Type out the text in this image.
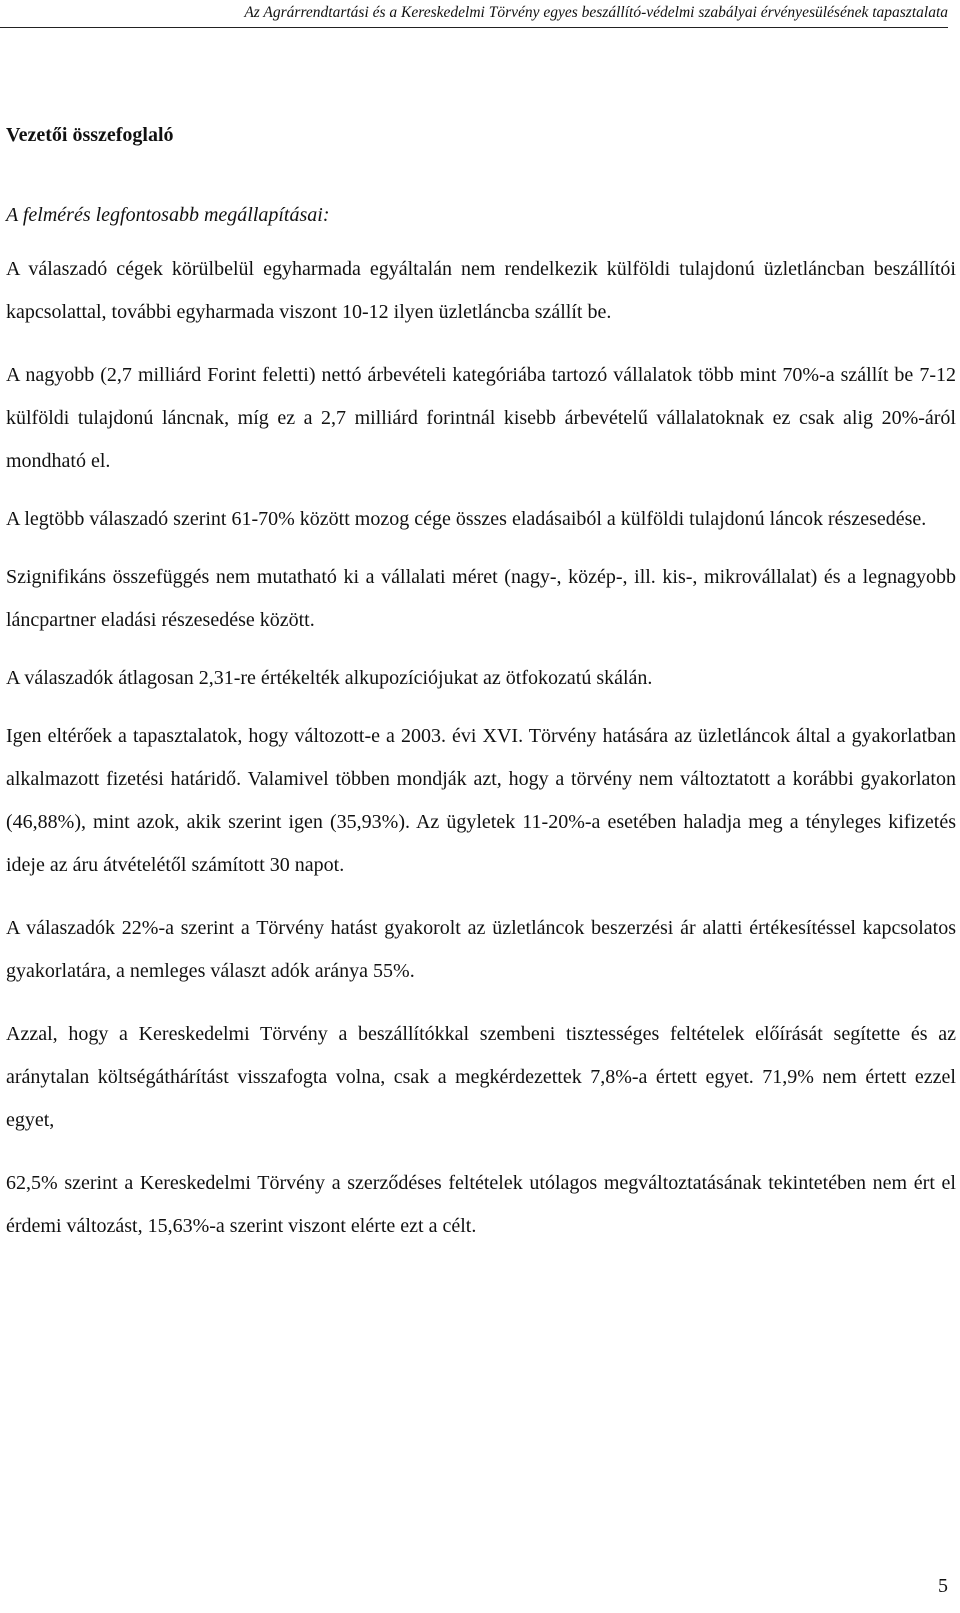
Az Agrárrendtartási és a Kereskedelmi Törvény egyes beszállító-védelmi szabályai érvényesülésének tapasztalata
Vezetői összefoglaló

A felmérés legfontosabb megállapításai:

A válaszadó cégek körülbelül egyharmada egyáltalán nem rendelkezik külföldi tulajdonú üzletláncban beszállítói kapcsolattal, további egyharmada viszont 10-12 ilyen üzletláncba szállít be.

A nagyobb (2,7 milliárd Forint feletti) nettó árbevételi kategóriába tartozó vállalatok több mint 70%-a szállít be 7-12 külföldi tulajdonú láncnak, míg ez a 2,7 milliárd forintnál kisebb árbevételű vállalatoknak ez csak alig 20%-áról mondható el.

A legtöbb válaszadó szerint 61-70% között mozog cége összes eladásaiból a külföldi tulajdonú láncok részesedése.

Szignifikáns összefüggés nem mutatható ki a vállalati méret (nagy-, közép-, ill. kis-, mikrovállalat) és a legnagyobb láncpartner eladási részesedése között.

A válaszadók átlagosan 2,31-re értékelték alkupozíciójukat az ötfokozatú skálán.

Igen eltérőek a tapasztalatok, hogy változott-e a 2003. évi XVI. Törvény hatására az üzletláncok által a gyakorlatban alkalmazott fizetési határidő. Valamivel többen mondják azt, hogy a törvény nem változtatott a korábbi gyakorlaton (46,88%), mint azok, akik szerint igen (35,93%). Az ügyletek 11-20%-a esetében haladja meg a tényleges kifizetés ideje az áru átvételétől számított 30 napot.

A válaszadók 22%-a szerint a Törvény hatást gyakorolt az üzletláncok beszerzési ár alatti értékesítéssel kapcsolatos gyakorlatára, a nemleges választ adók aránya 55%.

Azzal, hogy a Kereskedelmi Törvény a beszállítókkal szembeni tisztességes feltételek előírását segítette és az aránytalan költségáthárítást visszafogta volna, csak a megkérdezettek 7,8%-a értett egyet. 71,9% nem értett ezzel egyet,

62,5% szerint a Kereskedelmi Törvény a szerződéses feltételek utólagos megváltoztatásának tekintetében nem ért el érdemi változást, 15,63%-a szerint viszont elérte ezt a célt.

5
